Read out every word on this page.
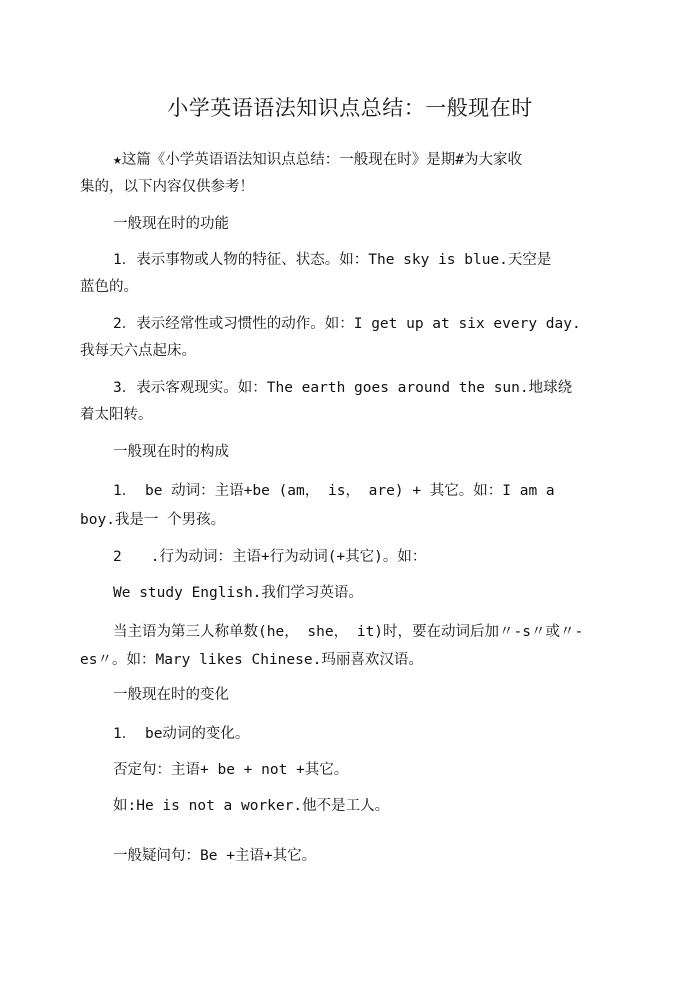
小学英语语法知识点总结：一般现在时
★这篇《小学英语语法知识点总结：一般现在时》是期#为大家收
集的，以下内容仅供参考！
一般现在时的功能
1．表示事物或人物的特征、状态。如：The sky is blue.天空是
蓝色的。
2．表示经常性或习惯性的动作。如：I get up at six every day.
我每天六点起床。
3．表示客观现实。如：The earth goes around the sun.地球绕
着太阳转。
一般现在时的构成
1． be 动词：主语+be (am， is， are) + 其它。如：I am a
boy.我是一 个男孩。
2　　.行为动词：主语+行为动词(+其它)。如：
We study English.我们学习英语。
当主语为第三人称单数(he， she， it)时，要在动词后加〃-s〃或〃-
es〃。如：Mary likes Chinese.玛丽喜欢汉语。
一般现在时的变化
1． be动词的变化。
否定句：主语+ be + not +其它。
如:He is not a worker.他不是工人。
一般疑问句：Be +主语+其它。
